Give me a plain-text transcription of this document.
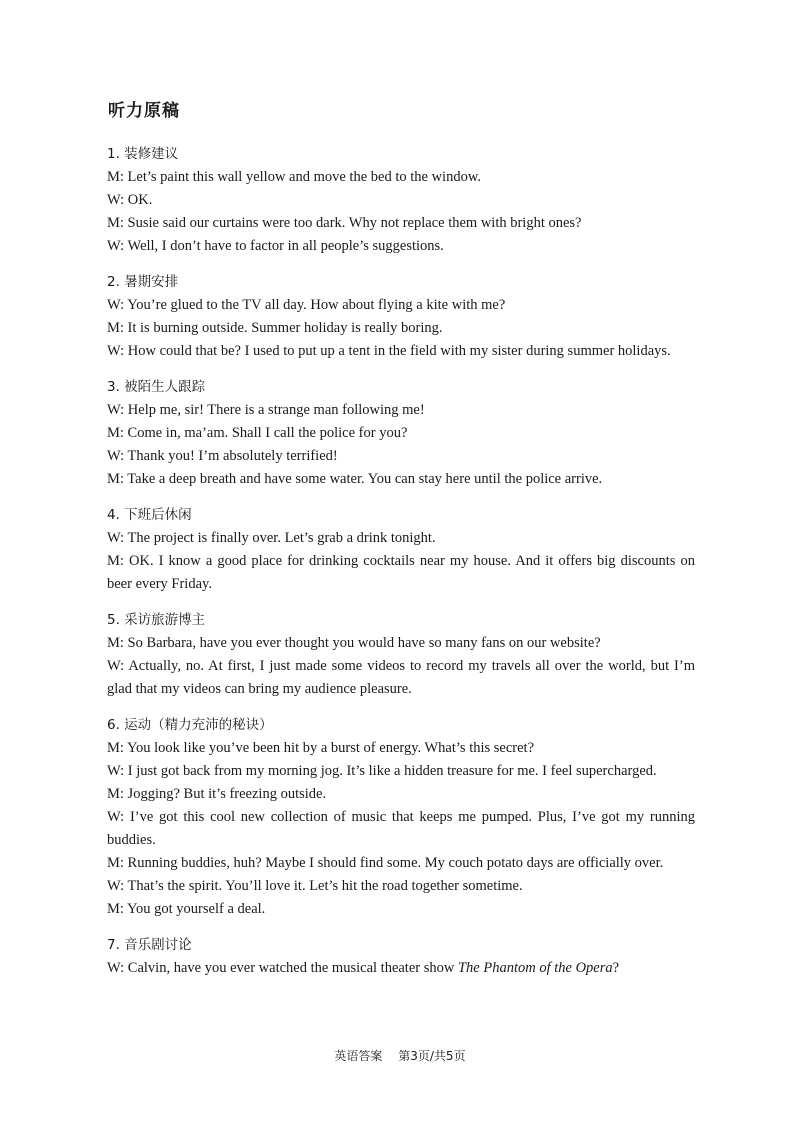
听力原稿
1. 装修建议
M: Let’s paint this wall yellow and move the bed to the window.
W: OK.
M: Susie said our curtains were too dark. Why not replace them with bright ones?
W: Well, I don’t have to factor in all people’s suggestions.
2. 暑期安排
W: You’re glued to the TV all day. How about flying a kite with me?
M: It is burning outside. Summer holiday is really boring.
W: How could that be? I used to put up a tent in the field with my sister during summer holidays.
3. 被陌生人跟踪
W: Help me, sir! There is a strange man following me!
M: Come in, ma’am. Shall I call the police for you?
W: Thank you! I’m absolutely terrified!
M: Take a deep breath and have some water. You can stay here until the police arrive.
4. 下班后休闲
W: The project is finally over. Let’s grab a drink tonight.
M: OK. I know a good place for drinking cocktails near my house. And it offers big discounts on beer every Friday.
5. 采访旅游博主
M: So Barbara, have you ever thought you would have so many fans on our website?
W: Actually, no. At first, I just made some videos to record my travels all over the world, but I’m glad that my videos can bring my audience pleasure.
6. 运动（精力充沛的秘诀）
M: You look like you’ve been hit by a burst of energy. What’s this secret?
W: I just got back from my morning jog. It’s like a hidden treasure for me. I feel supercharged.
M: Jogging? But it’s freezing outside.
W: I’ve got this cool new collection of music that keeps me pumped. Plus, I’ve got my running buddies.
M: Running buddies, huh? Maybe I should find some. My couch potato days are officially over.
W: That’s the spirit. You’ll love it. Let’s hit the road together sometime.
M: You got yourself a deal.
7. 音乐剧讨论
W: Calvin, have you ever watched the musical theater show The Phantom of the Opera?
英语答案 第3页/共5页
